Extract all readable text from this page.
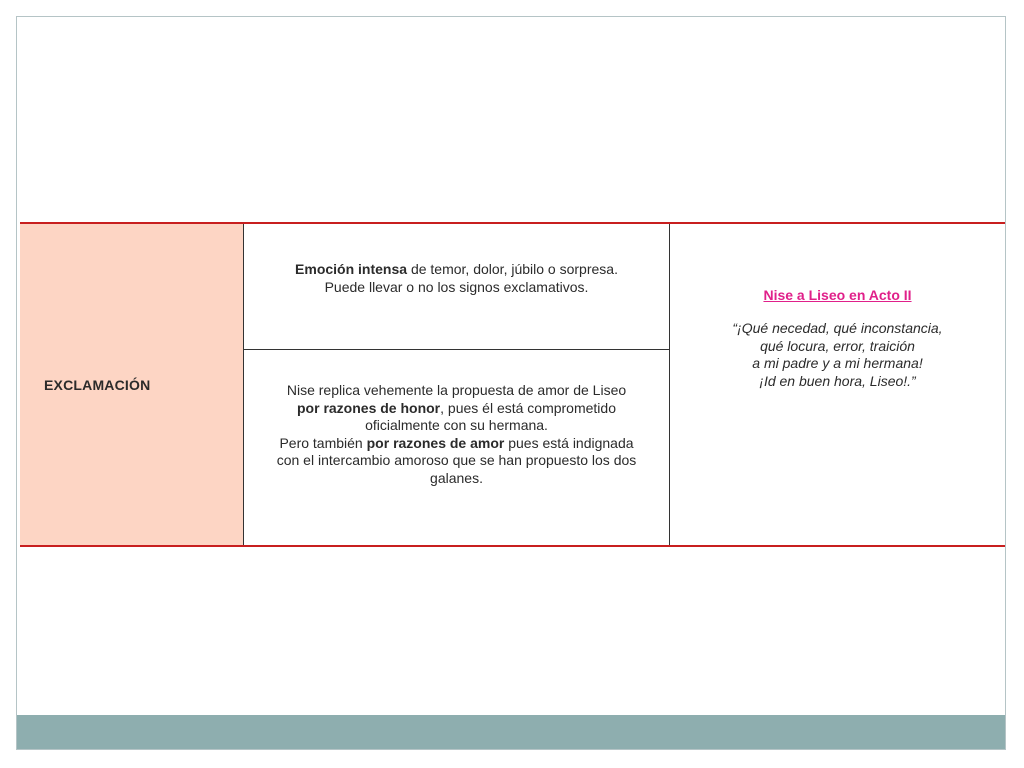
EXCLAMACIÓN
Emoción intensa de temor, dolor, júbilo o sorpresa.
Puede llevar o no los signos exclamativos.
Nise replica vehemente la propuesta de amor de Liseo
por razones de honor, pues él está comprometido
oficialmente con su hermana.
Pero también por razones de amor pues está indignada
con el intercambio amoroso que se han propuesto los dos
galanes.
Nise a Liseo en Acto II
“¡Qué necedad, qué inconstancia,
qué locura, error, traición
a mi padre y a mi hermana!
¡Id en buen hora, Liseo!.”
